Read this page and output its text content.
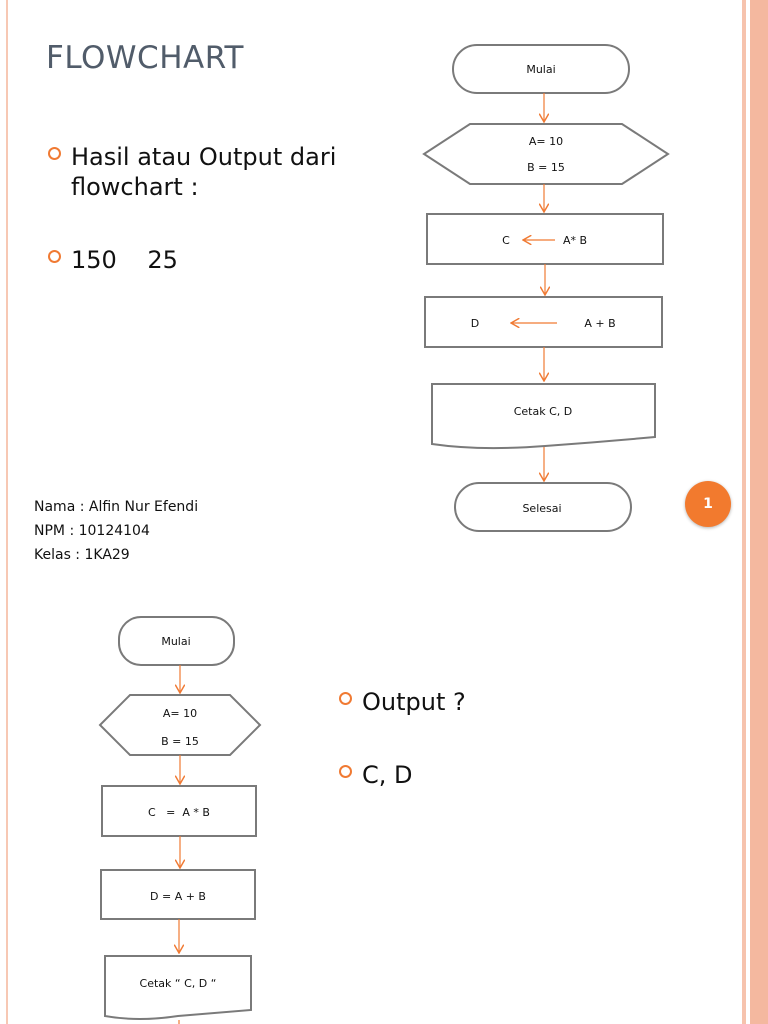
FLOWCHART
Hasil atau Output dari flowchart :
150    25
Nama : Alfin Nur Efendi
NPM : 10124104
Kelas : 1KA29
Mulai
A= 10
B = 15
C	A* B
D	A + B
Cetak C, D
Selesai	1
Output ?
C, D
Mulai
A= 10
B = 15
C   =  A * B
D = A + B
Cetak “ C, D “
